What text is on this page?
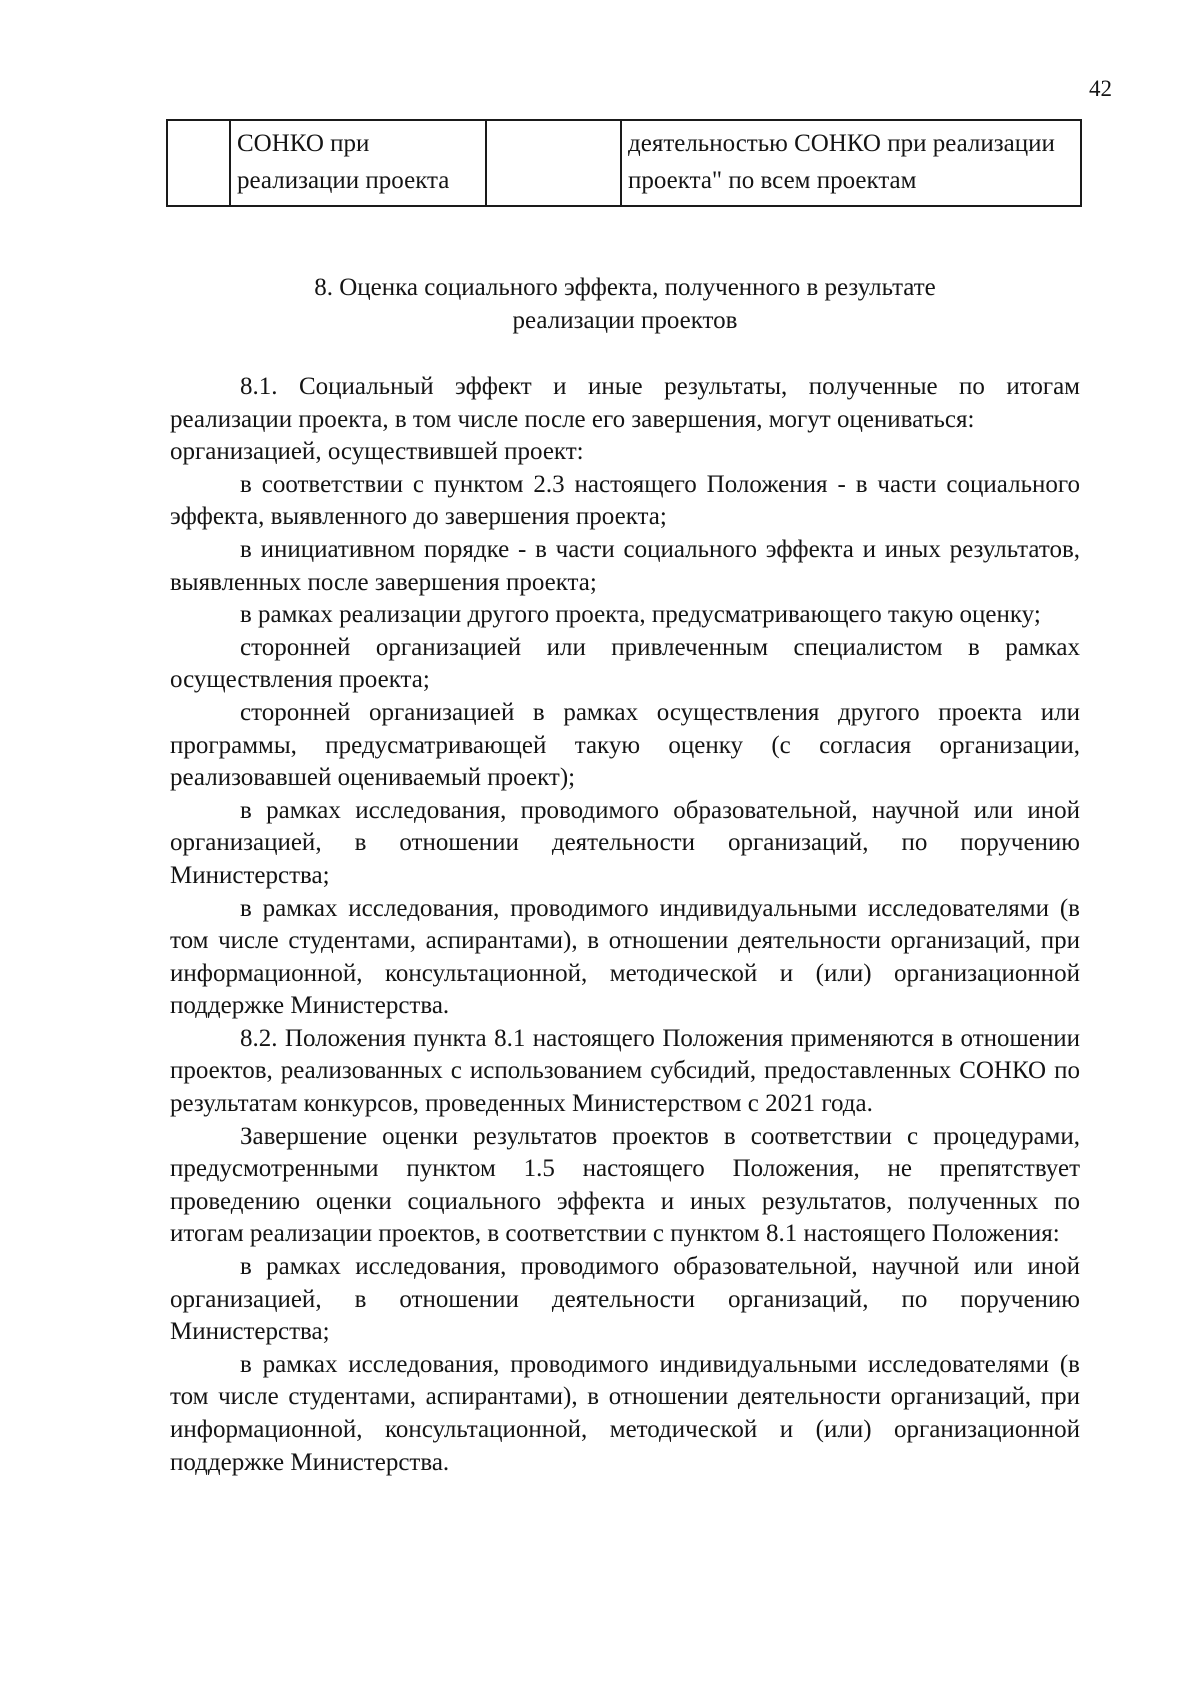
42
	СОНКО при реализации проекта		деятельностью СОНКО при реализации проекта" по всем проектам
8. Оценка социального эффекта, полученного в результате
реализации проектов

8.1. Социальный эффект и иные результаты, полученные по итогам реализации проекта, в том числе после его завершения, могут оцениваться:

организацией, осуществившей проект:

в соответствии с пунктом 2.3 настоящего Положения - в части социального эффекта, выявленного до завершения проекта;

в инициативном порядке - в части социального эффекта и иных результатов, выявленных после завершения проекта;

в рамках реализации другого проекта, предусматривающего такую оценку;

сторонней организацией или привлеченным специалистом в рамках осуществления проекта;

сторонней организацией в рамках осуществления другого проекта или программы, предусматривающей такую оценку (с согласия организации, реализовавшей оцениваемый проект);

в рамках исследования, проводимого образовательной, научной или иной организацией, в отношении деятельности организаций, по поручению Министерства;

в рамках исследования, проводимого индивидуальными исследователями (в том числе студентами, аспирантами), в отношении деятельности организаций, при информационной, консультационной, методической и (или) организационной поддержке Министерства.

8.2. Положения пункта 8.1 настоящего Положения применяются в отношении проектов, реализованных с использованием субсидий, предоставленных СОНКО по результатам конкурсов, проведенных Министерством с 2021 года.

Завершение оценки результатов проектов в соответствии с процедурами, предусмотренными пунктом 1.5 настоящего Положения, не препятствует проведению оценки социального эффекта и иных результатов, полученных по итогам реализации проектов, в соответствии с пунктом 8.1 настоящего Положения:

в рамках исследования, проводимого образовательной, научной или иной организацией, в отношении деятельности организаций, по поручению Министерства;

в рамках исследования, проводимого индивидуальными исследователями (в том числе студентами, аспирантами), в отношении деятельности организаций, при информационной, консультационной, методической и (или) организационной поддержке Министерства.
